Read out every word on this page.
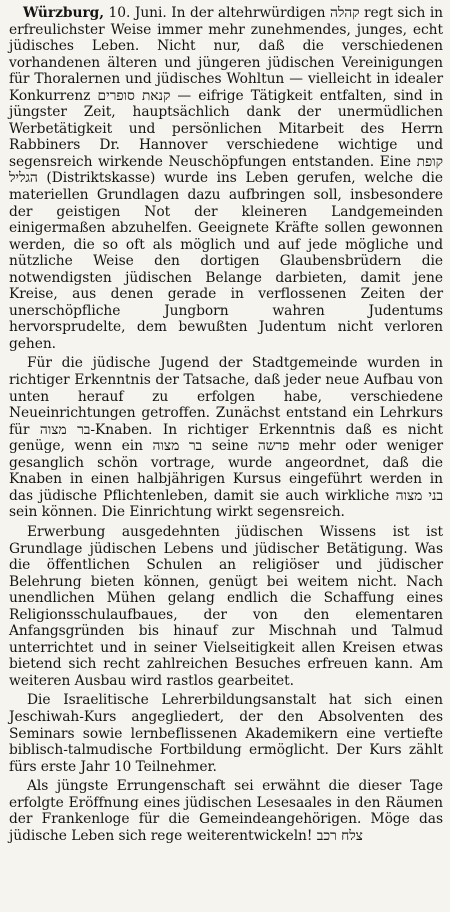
Würzburg, 10. Juni. In der altehrwürdigen קהלה regt sich in erfreulichster Weise immer mehr zunehmendes, junges, echt jüdisches Leben. Nicht nur, daß die verschiedenen vorhandenen älteren und jüngeren jüdischen Vereinigungen für Thoralernen und jüdisches Wohltun — vielleicht in idealer Konkurrenz קנאת סופרים — eifrige Tätigkeit entfalten, sind in jüngster Zeit, hauptsächlich dank der unermüdlichen Werbetätigkeit und persönlichen Mitarbeit des Herrn Rabbiners Dr. Hannover verschiedene wichtige und segensreich wirkende Neuschöpfungen entstanden. Eine קופת הגליל (Distriktskasse) wurde ins Leben gerufen, welche die materiellen Grundlagen dazu aufbringen soll, insbesondere der geistigen Not der kleineren Landgemeinden einigermaßen abzuhelfen. Geeignete Kräfte sollen gewonnen werden, die so oft als möglich und auf jede mögliche und nützliche Weise den dortigen Glaubensbrüdern die notwendigsten jüdischen Belange darbieten, damit jene Kreise, aus denen gerade in verflossenen Zeiten der unerschöpfliche Jungborn wahren Judentums hervorsprudelte, dem bewußten Judentum nicht verloren gehen.

Für die jüdische Jugend der Stadtgemeinde wurden in richtiger Erkenntnis der Tatsache, daß jeder neue Aufbau von unten herauf zu erfolgen habe, verschiedene Neueinrichtungen getroffen. Zunächst entstand ein Lehrkurs für בר מצוה-Knaben. In richtiger Erkenntnis daß es nicht genüge, wenn ein בר מצוה seine פרשה mehr oder weniger gesanglich schön vortrage, wurde angeordnet, daß die Knaben in einen halbjährigen Kursus eingeführt werden in das jüdische Pflichtenleben, damit sie auch wirkliche בני מצוה sein können. Die Einrichtung wirkt segensreich.

Erwerbung ausgedehnten jüdischen Wissens ist ist Grundlage jüdischen Lebens und jüdischer Betätigung. Was die öffentlichen Schulen an religiöser und jüdischer Belehrung bieten können, genügt bei weitem nicht. Nach unendlichen Mühen gelang endlich die Schaffung eines Religionsschulaufbaues, der von den elementaren Anfangsgründen bis hinauf zur Mischnah und Talmud unterrichtet und in seiner Vielseitigkeit allen Kreisen etwas bietend sich recht zahlreichen Besuches erfreuen kann. Am weiteren Ausbau wird rastlos gearbeitet.

Die Israelitische Lehrerbildungsanstalt hat sich einen Jeschiwah-Kurs angegliedert, der den Absolventen des Seminars sowie lernbeflissenen Akademikern eine vertiefte biblisch-talmudische Fortbildung ermöglicht. Der Kurs zählt fürs erste Jahr 10 Teilnehmer.

Als jüngste Errungenschaft sei erwähnt die dieser Tage erfolgte Eröffnung eines jüdischen Lesesaales in den Räumen der Frankenloge für die Gemeindeangehörigen. Möge das jüdische Leben sich rege weiterentwickeln! צלח רכב
